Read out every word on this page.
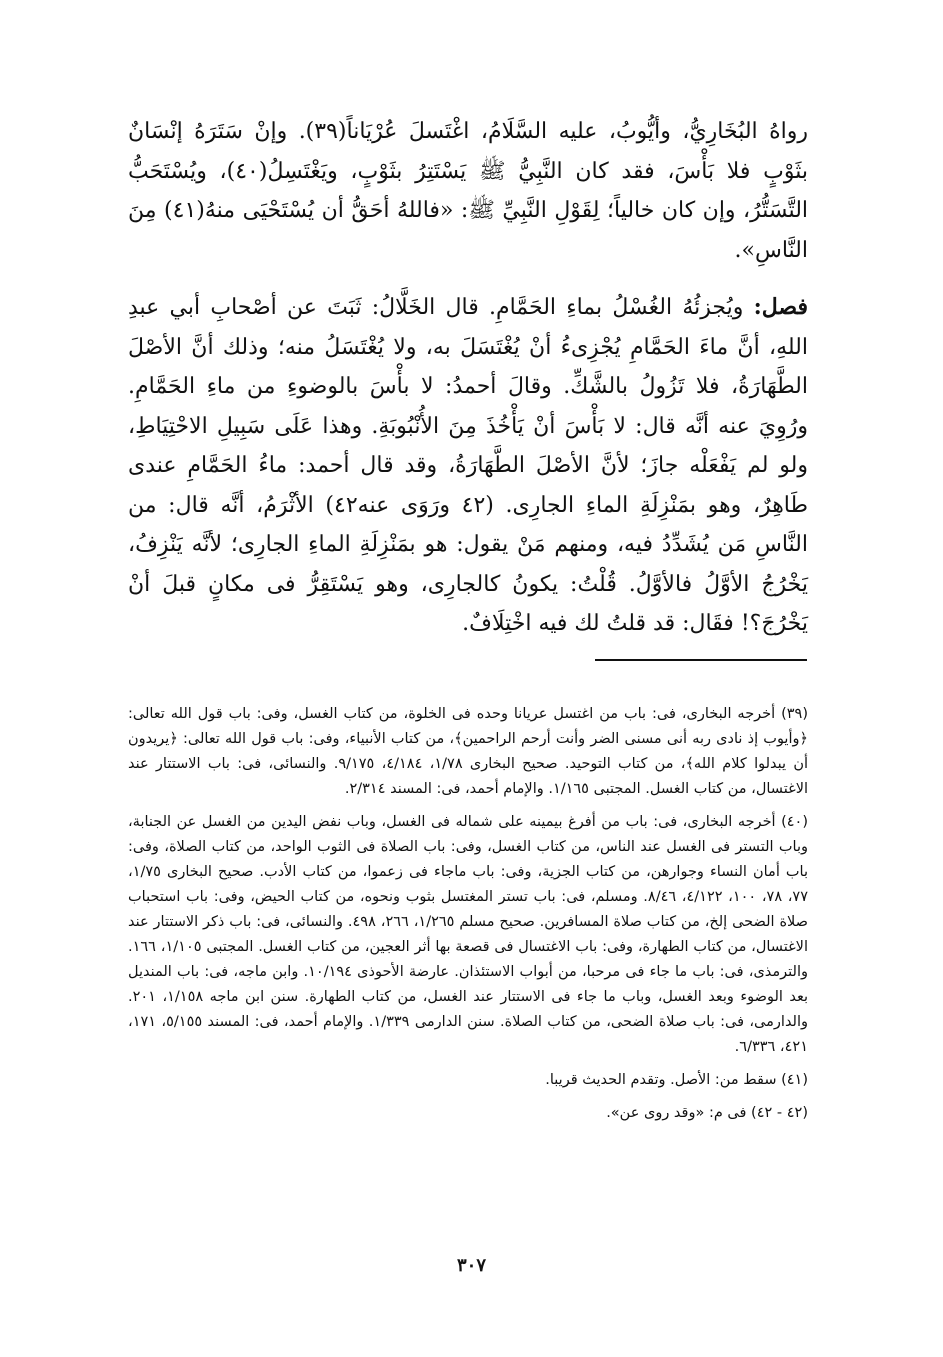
رواهُ البُخَارِيُّ، وأيُّوبُ، عليه السَّلَامُ، اغْتَسلَ عُرْيَاناً(٣٩). وإنْ سَتَرَهُ إنْسَانٌ بثَوْبٍ فلا بَأْسَ، فقد كان النَّبِيُّ ﷺ يَسْتَتِرُ بثَوْبٍ، ويَغْتَسِلُ(٤٠)، ويُسْتَحَبُّ التَّسَتُّرُ، وإن كان خالياً؛ لِقَوْلِ النَّبِيِّ ﷺ: «فاللهُ أحَقُّ أن يُسْتَحْيَى منهُ(٤١) مِنَ النَّاسِ».

فصل: ويُجزئُهُ الغُسْلُ بماءِ الحَمَّامِ. قال الخَلَّالُ: ثَبَتَ عن أصْحابِ أبي عبدِ اللهِ، أنَّ ماءَ الحَمَّامِ يُجْزِىءُ أنْ يُغْتَسَلَ به، ولا يُغْتَسَلُ منه؛ وذلك أنَّ الأصْلَ الطَّهَارَةُ، فلا تَزُولُ بالشَّكِّ. وقالَ أحمدُ: لا بأْسَ بالوضوءِ من ماءِ الحَمَّامِ. ورُوِيَ عنه أنَّه قال: لا بَأْسَ أنْ يَأْخُذَ مِنَ الأُنْبُوبَةِ. وهذا عَلَى سَبِيلِ الاحْتِيَاطِ، ولو لم يَفْعَلْه جازَ؛ لأنَّ الأصْلَ الطَّهَارَةُ، وقد قال أحمد: ماءُ الحَمَّامِ عندى طَاهِرٌ، وهو بمَنْزِلَةِ الماءِ الجارِى. (٤٢ ورَوَى عنه٤٢) الأثْرَمُ، أنَّه قال: من النَّاسِ مَن يُشَدِّدُ فيه، ومنهم مَنْ يقول: هو بمَنْزِلَةِ الماءِ الجارِى؛ لأنَّه يَنْزِفُ، يَخْرُجُ الأوَّلُ فالأوَّلُ. قُلْتُ: يكونُ كالجارِى، وهو يَسْتَقِرُّ فى مكانٍ قبلَ أنْ يَخْرُجَ؟! فقَال: قد قلتُ لك فيه اخْتِلَافٌ.

(٣٩) أخرجه البخارى، فى: باب من اغتسل عريانا وحده فى الخلوة، من كتاب الغسل، وفى: باب قول الله تعالى: ﴿وأيوب إذ نادى ربه أنى مسنى الضر وأنت أرحم الراحمين﴾، من كتاب الأنبياء، وفى: باب قول الله تعالى: ﴿يريدون أن يبدلوا كلام الله﴾، من كتاب التوحيد. صحيح البخارى ١/٧٨، ٤/١٨٤، ٩/١٧٥. والنسائى، فى: باب الاستتار عند الاغتسال، من كتاب الغسل. المجتبى ١/١٦٥. والإمام أحمد، فى: المسند ٢/٣١٤.

(٤٠) أخرجه البخارى، فى: باب من أفرغ بيمينه على شماله فى الغسل، وباب نفض اليدين من الغسل عن الجنابة، وباب التستر فى الغسل عند الناس، من كتاب الغسل، وفى: باب الصلاة فى الثوب الواحد، من كتاب الصلاة، وفى: باب أمان النساء وجوارهن، من كتاب الجزية، وفى: باب ماجاء فى زعموا، من كتاب الأدب. صحيح البخارى ١/٧٥، ٧٧، ٧٨، ١٠٠، ٤/١٢٢، ٨/٤٦. ومسلم، فى: باب تستر المغتسل بثوب ونحوه، من كتاب الحيض، وفى: باب استحباب صلاة الضحى إلخ، من كتاب صلاة المسافرين. صحيح مسلم ١/٢٦٥، ٢٦٦، ٤٩٨. والنسائى، فى: باب ذكر الاستتار عند الاغتسال، من كتاب الطهارة، وفى: باب الاغتسال فى قصعة بها أثر العجين، من كتاب الغسل. المجتبى ١/١٠٥، ١٦٦. والترمذى، فى: باب ما جاء فى مرحبا، من أبواب الاستئذان. عارضة الأحوذى ١٠/١٩٤. وابن ماجه، فى: باب المنديل بعد الوضوء وبعد الغسل، وباب ما جاء فى الاستتار عند الغسل، من كتاب الطهارة. سنن ابن ماجه ١/١٥٨، ٢٠١. والدارمى، فى: باب صلاة الضحى، من كتاب الصلاة. سنن الدارمى ١/٣٣٩. والإمام أحمد، فى: المسند ٥/١٥٥، ١٧١، ٤٢١، ٦/٣٣٦.

(٤١) سقط من: الأصل. وتقدم الحديث قريبا.

(٤٢ - ٤٢) فى م: «وقد روى عن».

٣٠٧
